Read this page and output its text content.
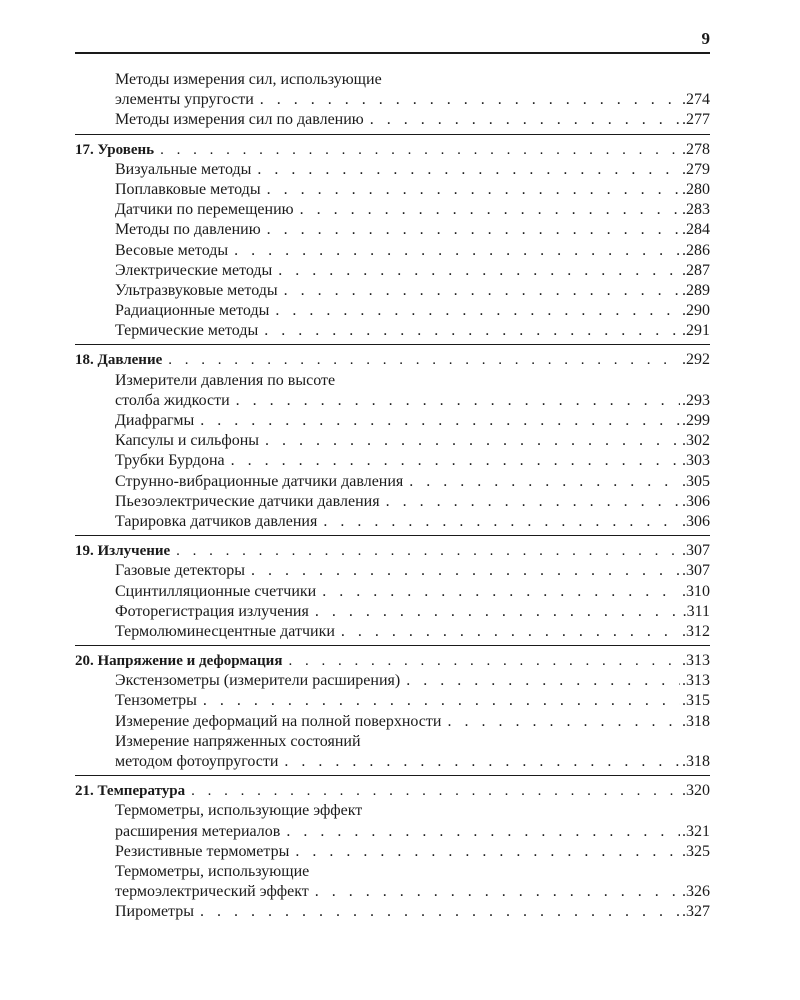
9
Методы измерения сил, использующие
элементы упругости . . .	.274
Методы измерения сил по давлению . . .	.277
17. Уровень . . .	.278
Визуальные методы . . .	.279
Поплавковые методы . . .	.280
Датчики по перемещению . . .	.283
Методы по давлению . . .	.284
Весовые методы . . .	.286
Электрические методы . . .	.287
Ультразвуковые методы . . .	.289
Радиационные методы . . .	.290
Термические методы . . .	.291
18. Давление . . .	.292
Измерители давления по высоте
столба жидкости . . .	.293
Диафрагмы . . .	.299
Капсулы и сильфоны . . .	.302
Трубки Бурдона . . .	.303
Струнно-вибрационные датчики давления . . .	.305
Пьезоэлектрические датчики давления . . .	.306
Тарировка датчиков давления . . .	.306
19. Излучение . . .	.307
Газовые детекторы . . .	.307
Сцинтилляционные счетчики . . .	.310
Фоторегистрация излучения . . .	.311
Термолюминесцентные датчики . . .	.312
20. Напряжение и деформация . . .	.313
Экстензометры (измерители расширения) . . .	.313
Тензометры . . .	.315
Измерение деформаций на полной поверхности . . .	.318
Измерение напряженных состояний
методом фотоупругости . . .	.318
21. Температура . . .	.320
Термометры, использующие эффект
расширения метериалов . . .	.321
Резистивные термометры . . .	.325
Термометры, использующие
термоэлектрический эффект . . .	.326
Пирометры . . .	.327
